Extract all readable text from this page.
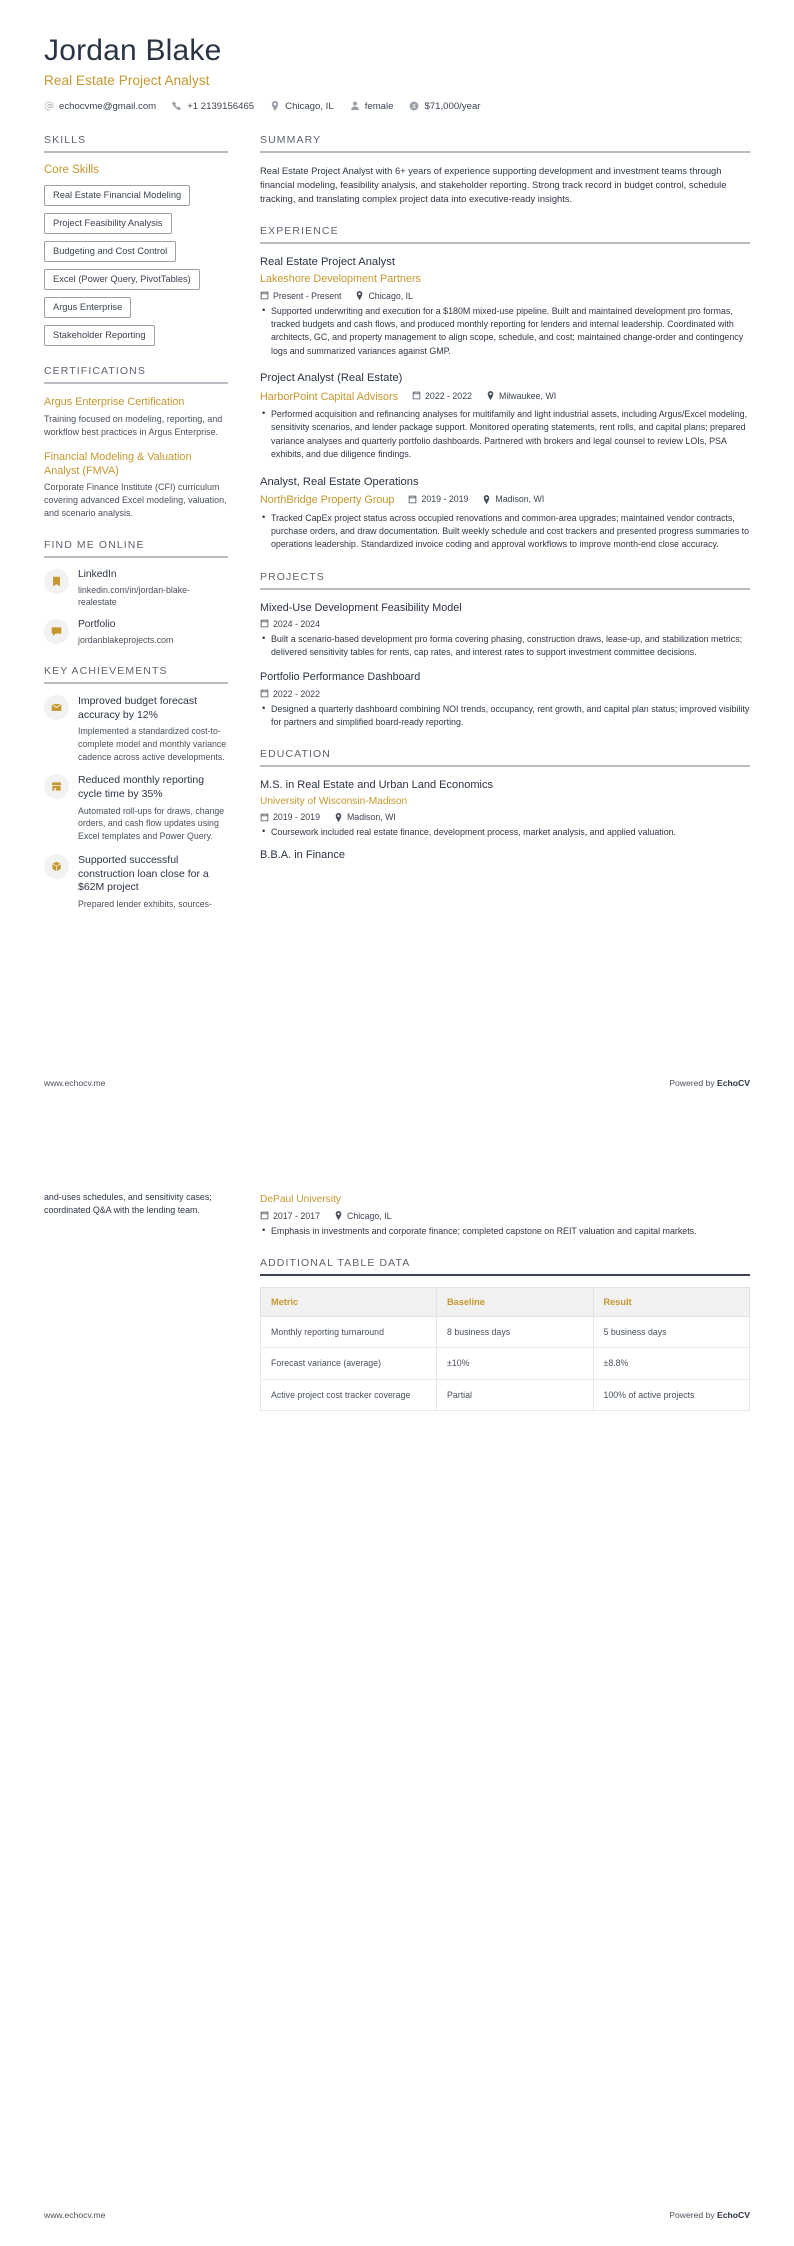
Jordan Blake
Real Estate Project Analyst
echocvme@gmail.com	+1 2139156465	Chicago, IL	female $ $71,000/year
SKILLS
Core Skills
Real Estate Financial Modeling
Project Feasibility Analysis
Budgeting and Cost Control
Excel (Power Query, PivotTables)
Argus Enterprise
Stakeholder Reporting
CERTIFICATIONS
Argus Enterprise Certification
Training focused on modeling, reporting, and workflow best practices in Argus Enterprise.
Financial Modeling & Valuation Analyst (FMVA)
Corporate Finance Institute (CFI) curriculum covering advanced Excel modeling, valuation, and scenario analysis.
FIND ME ONLINE
LinkedIn
linkedin.com/in/jordan-blake-realestate
Portfolio
jordanblakeprojects.com
KEY ACHIEVEMENTS
Improved budget forecast accuracy by 12%
Implemented a standardized cost-to-complete model and monthly variance cadence across active developments.
Reduced monthly reporting cycle time by 35%
Automated roll-ups for draws, change orders, and cash flow updates using Excel templates and Power Query.
Supported successful construction loan close for a $62M project
Prepared lender exhibits, sources-
SUMMARY
Real Estate Project Analyst with 6+ years of experience supporting development and investment teams through financial modeling, feasibility analysis, and stakeholder reporting. Strong track record in budget control, schedule tracking, and translating complex project data into executive-ready insights.
EXPERIENCE
Real Estate Project Analyst
Lakeshore Development Partners
Present - Present	Chicago, IL
• Supported underwriting and execution for a $180M mixed-use pipeline. Built and maintained development pro formas, tracked budgets and cash flows, and produced monthly reporting for lenders and internal leadership. Coordinated with architects, GC, and property management to align scope, schedule, and cost; maintained change-order and contingency logs and summarized variances against GMP.
Project Analyst (Real Estate)
HarborPoint Capital Advisors	2022 - 2022	Milwaukee, WI
• Performed acquisition and refinancing analyses for multifamily and light industrial assets, including Argus/Excel modeling, sensitivity scenarios, and lender package support. Monitored operating statements, rent rolls, and capital plans; prepared variance analyses and quarterly portfolio dashboards. Partnered with brokers and legal counsel to review LOIs, PSA exhibits, and due diligence findings.
Analyst, Real Estate Operations
NorthBridge Property Group	2019 - 2019	Madison, WI
• Tracked CapEx project status across occupied renovations and common-area upgrades; maintained vendor contracts, purchase orders, and draw documentation. Built weekly schedule and cost trackers and presented progress summaries to operations leadership. Standardized invoice coding and approval workflows to improve month-end close accuracy.
PROJECTS
Mixed-Use Development Feasibility Model
2024 - 2024
• Built a scenario-based development pro forma covering phasing, construction draws, lease-up, and stabilization metrics; delivered sensitivity tables for rents, cap rates, and interest rates to support investment committee decisions.
Portfolio Performance Dashboard
2022 - 2022
• Designed a quarterly dashboard combining NOI trends, occupancy, rent growth, and capital plan status; improved visibility for partners and simplified board-ready reporting.
EDUCATION
M.S. in Real Estate and Urban Land Economics
University of Wisconsin-Madison
2019 - 2019	Madison, WI
• Coursework included real estate finance, development process, market analysis, and applied valuation.
B.B.A. in Finance
www.echocv.me	Powered by EchoCV
and-uses schedules, and sensitivity cases; coordinated Q&A with the lending team.
DePaul University
2017 - 2017	Chicago, IL
• Emphasis in investments and corporate finance; completed capstone on REIT valuation and capital markets.
ADDITIONAL TABLE DATA
Metric	Baseline	Result
Monthly reporting turnaround	8 business days	5 business days
Forecast variance (average)	±10%	±8.8%
Active project cost tracker coverage	Partial	100% of active projects
www.echocv.me	Powered by EchoCV
